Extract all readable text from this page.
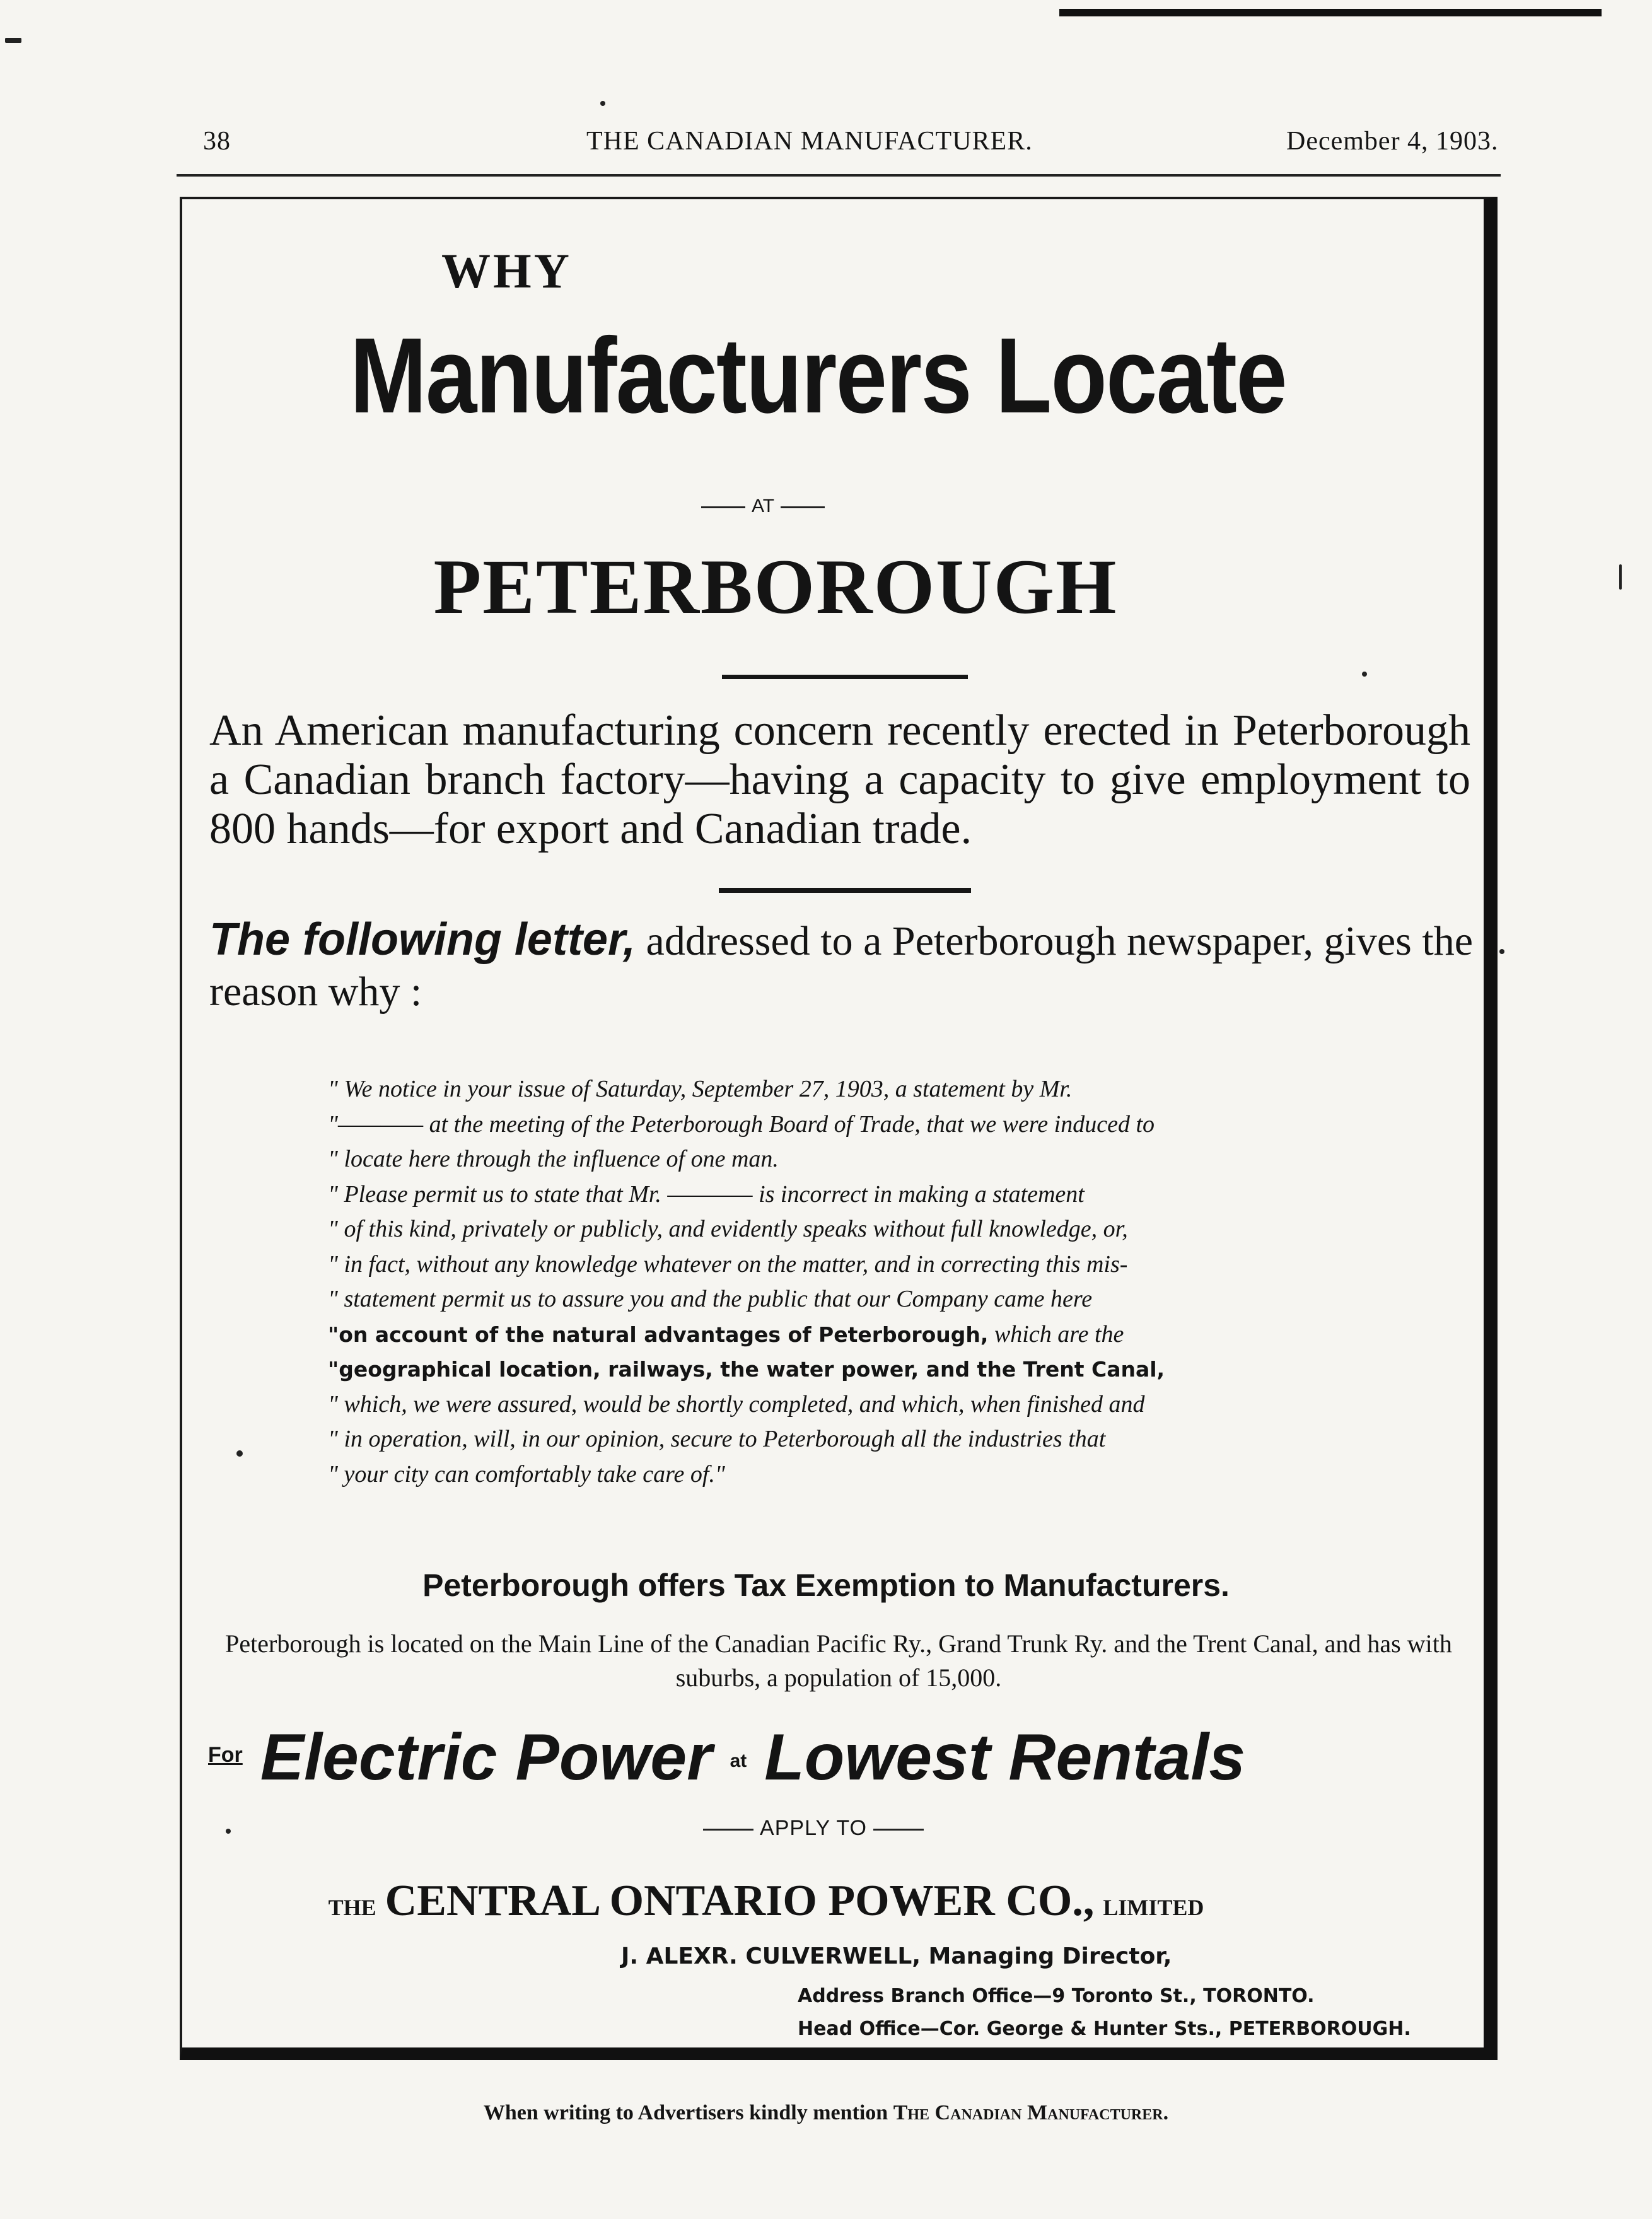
38	THE CANADIAN MANUFACTURER.	December 4, 1903.
WHY
Manufacturers Locate
AT
PETERBOROUGH
An American manufacturing concern recently erected in Peterborough a Canadian branch factory—having a capacity to give employment to 800 hands—for export and Canadian trade.
The following letter, addressed to a Peterborough newspaper, gives the reason why :
" We notice in your issue of Saturday, September 27, 1903, a statement by Mr.
"———— at the meeting of the Peterborough Board of Trade, that we were induced to
" locate here through the influence of one man.
" Please permit us to state that Mr. ———— is incorrect in making a statement
" of this kind, privately or publicly, and evidently speaks without full knowledge, or,
" in fact, without any knowledge whatever on the matter, and in correcting this mis-
" statement permit us to assure you and the public that our Company came here
"on account of the natural advantages of Peterborough, which are the
"geographical location, railways, the water power, and the Trent Canal,
" which, we were assured, would be shortly completed, and which, when finished and
" in operation, will, in our opinion, secure to Peterborough all the industries that
" your city can comfortably take care of."
Peterborough offers Tax Exemption to Manufacturers.
Peterborough is located on the Main Line of the Canadian Pacific Ry., Grand Trunk Ry. and the Trent Canal, and has with suburbs, a population of 15,000.
For Electric Power at Lowest Rentals
APPLY TO
THE CENTRAL ONTARIO POWER CO., LIMITED
J. ALEXR. CULVERWELL, Managing Director,
Address Branch Office—9 Toronto St., TORONTO.
Head Office—Cor. George & Hunter Sts., PETERBOROUGH.
When writing to Advertisers kindly mention The Canadian Manufacturer.
